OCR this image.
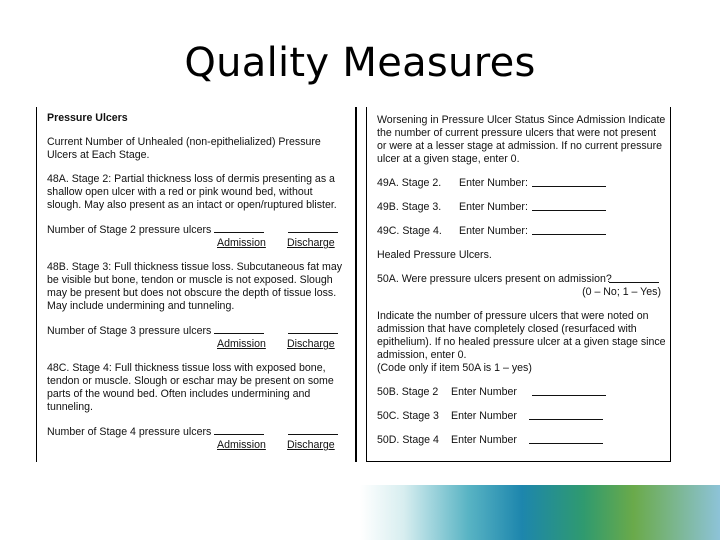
Quality Measures

Pressure Ulcers

Current Number of Unhealed (non-epithelialized) Pressure Ulcers at Each Stage.

48A. Stage 2: Partial thickness loss of dermis presenting as a shallow open ulcer with a red or pink wound bed, without slough. May also present as an intact or open/ruptured blister.

Number of Stage 2 pressure ulcers

Admission Discharge

48B. Stage 3: Full thickness tissue loss. Subcutaneous fat may be visible but bone, tendon or muscle is not exposed. Slough may be present but does not obscure the depth of tissue loss. May include undermining and tunneling.

Number of Stage 3 pressure ulcers

Admission Discharge

48C. Stage 4: Full thickness tissue loss with exposed bone, tendon or muscle. Slough or eschar may be present on some parts of the wound bed. Often includes undermining and tunneling.

Number of Stage 4 pressure ulcers

Admission Discharge

Worsening in Pressure Ulcer Status Since Admission Indicate the number of current pressure ulcers that were not present or were at a lesser stage at admission. If no current pressure ulcer at a given stage, enter 0.

49A. Stage 2. Enter Number:
49B. Stage 3. Enter Number:
49C. Stage 4. Enter Number:

Healed Pressure Ulcers.

50A. Were pressure ulcers present on admission?

(0 – No; 1 – Yes)

Indicate the number of pressure ulcers that were noted on admission that have completely closed (resurfaced with epithelium). If no healed pressure ulcer at a given stage since admission, enter 0.

(Code only if item 50A is 1 – yes)

50B. Stage 2 Enter Number
50C. Stage 3 Enter Number
50D. Stage 4 Enter Number
